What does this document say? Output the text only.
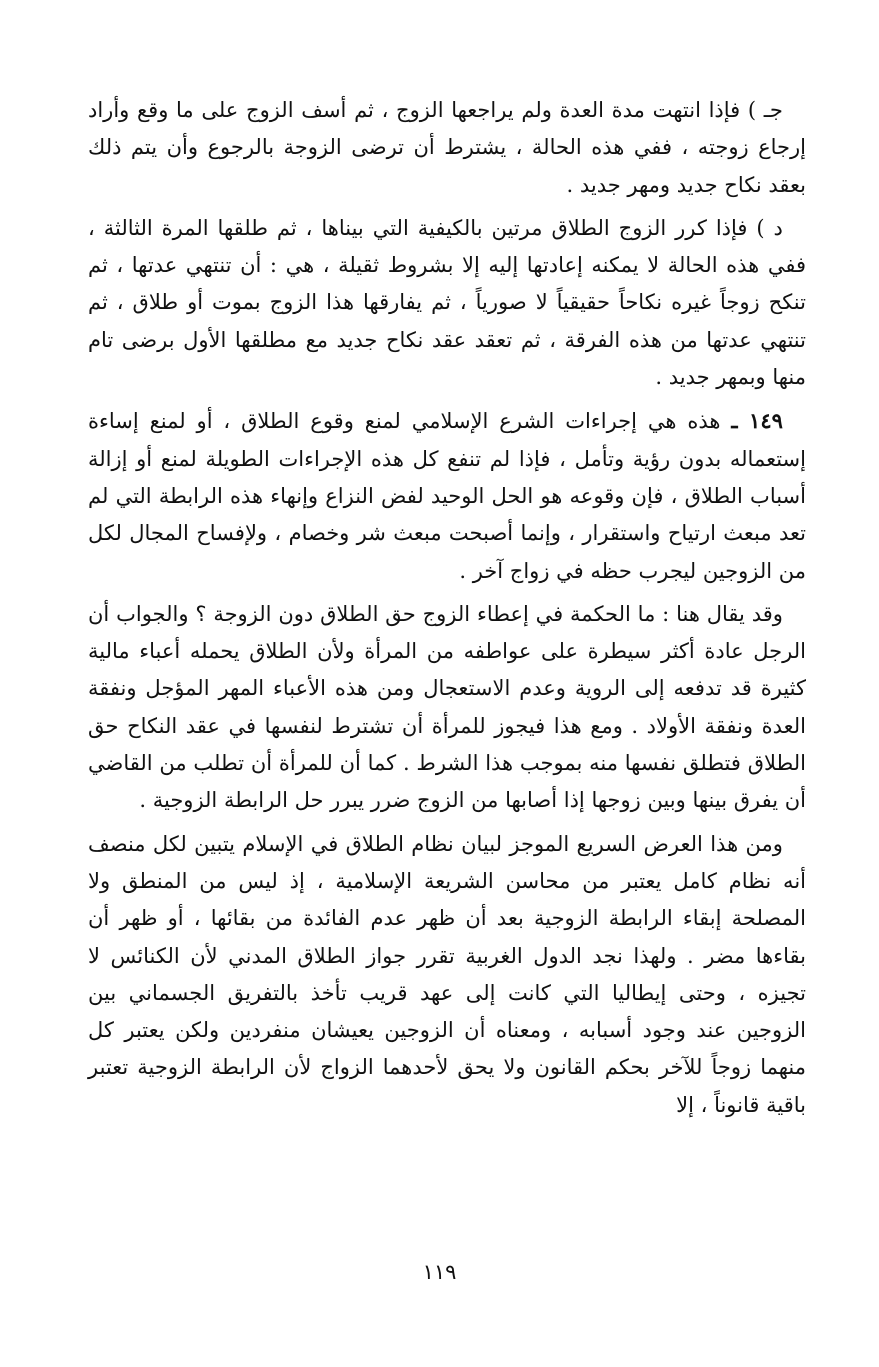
جـ ) فإذا انتهت مدة العدة ولم يراجعها الزوج ، ثم أسف الزوج على ما وقع وأراد إرجاع زوجته ، ففي هذه الحالة ، يشترط أن ترضى الزوجة بالرجوع وأن يتم ذلك بعقد نكاح جديد ومهر جديد .

د ) فإذا كرر الزوج الطلاق مرتين بالكيفية التي بيناها ، ثم طلقها المرة الثالثة ، ففي هذه الحالة لا يمكنه إعادتها إليه إلا بشروط ثقيلة ، هي : أن تنتهي عدتها ، ثم تنكح زوجاً غيره نكاحاً حقيقياً لا صورياً ، ثم يفارقها هذا الزوج بموت أو طلاق ، ثم تنتهي عدتها من هذه الفرقة ، ثم تعقد عقد نكاح جديد مع مطلقها الأول برضى تام منها وبمهر جديد .

١٤٩ ـ هذه هي إجراءات الشرع الإسلامي لمنع وقوع الطلاق ، أو لمنع إساءة إستعماله بدون رؤية وتأمل ، فإذا لم تنفع كل هذه الإجراءات الطويلة لمنع أو إزالة أسباب الطلاق ، فإن وقوعه هو الحل الوحيد لفض النزاع وإنهاء هذه الرابطة التي لم تعد مبعث ارتياح واستقرار ، وإنما أصبحت مبعث شر وخصام ، ولإفساح المجال لكل من الزوجين ليجرب حظه في زواج آخر .

وقد يقال هنا : ما الحكمة في إعطاء الزوج حق الطلاق دون الزوجة ؟ والجواب أن الرجل عادة أكثر سيطرة على عواطفه من المرأة ولأن الطلاق يحمله أعباء مالية كثيرة قد تدفعه إلى الروية وعدم الاستعجال ومن هذه الأعباء المهر المؤجل ونفقة العدة ونفقة الأولاد . ومع هذا فيجوز للمرأة أن تشترط لنفسها في عقد النكاح حق الطلاق فتطلق نفسها منه بموجب هذا الشرط . كما أن للمرأة أن تطلب من القاضي أن يفرق بينها وبين زوجها إذا أصابها من الزوج ضرر يبرر حل الرابطة الزوجية .

ومن هذا العرض السريع الموجز لبيان نظام الطلاق في الإسلام يتبين لكل منصف أنه نظام كامل يعتبر من محاسن الشريعة الإسلامية ، إذ ليس من المنطق ولا المصلحة إبقاء الرابطة الزوجية بعد أن ظهر عدم الفائدة من بقائها ، أو ظهر أن بقاءها مضر . ولهذا نجد الدول الغربية تقرر جواز الطلاق المدني لأن الكنائس لا تجيزه ، وحتى إيطاليا التي كانت إلى عهد قريب تأخذ بالتفريق الجسماني بين الزوجين عند وجود أسبابه ، ومعناه أن الزوجين يعيشان منفردين ولكن يعتبر كل منهما زوجاً للآخر بحكم القانون ولا يحق لأحدهما الزواج لأن الرابطة الزوجية تعتبر باقية قانوناً ، إلا

١١٩
